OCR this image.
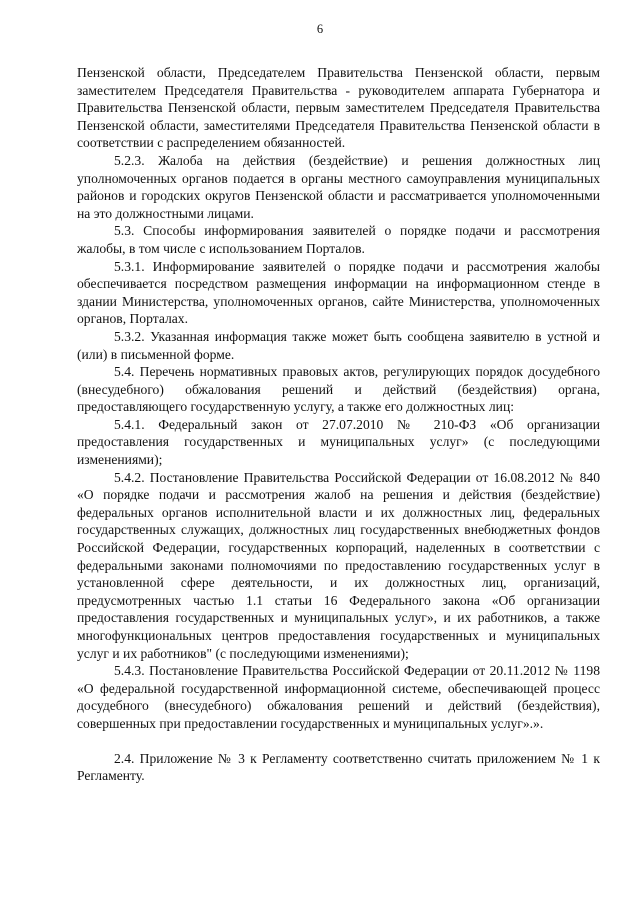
6

Пензенской области, Председателем Правительства Пензенской области, первым заместителем Председателя Правительства - руководителем аппарата Губернатора и Правительства Пензенской области, первым заместителем Председателя Правительства Пензенской области, заместителями Председателя Правительства Пензенской области в соответствии с распределением обязанностей.

5.2.3. Жалоба на действия (бездействие) и решения должностных лиц уполномоченных органов подается в органы местного самоуправления муниципальных районов и городских округов Пензенской области и рассматривается уполномоченными на это должностными лицами.

5.3. Способы информирования заявителей о порядке подачи и рассмотрения жалобы, в том числе с использованием Порталов.

5.3.1. Информирование заявителей о порядке подачи и рассмотрения жалобы обеспечивается посредством размещения информации на информационном стенде в здании Министерства, уполномоченных органов, сайте Министерства, уполномоченных органов, Порталах.

5.3.2. Указанная информация также может быть сообщена заявителю в устной и (или) в письменной форме.

5.4. Перечень нормативных правовых актов, регулирующих порядок досудебного (внесудебного) обжалования решений и действий (бездействия) органа, предоставляющего государственную услугу, а также его должностных лиц:

5.4.1. Федеральный закон от 27.07.2010 № 210-ФЗ «Об организации предоставления государственных и муниципальных услуг» (с последующими изменениями);

5.4.2. Постановление Правительства Российской Федерации от 16.08.2012 № 840 «О порядке подачи и рассмотрения жалоб на решения и действия (бездействие) федеральных органов исполнительной власти и их должностных лиц, федеральных государственных служащих, должностных лиц государственных внебюджетных фондов Российской Федерации, государственных корпораций, наделенных в соответствии с федеральными законами полномочиями по предоставлению государственных услуг в установленной сфере деятельности, и их должностных лиц, организаций, предусмотренных частью 1.1 статьи 16 Федерального закона «Об организации предоставления государственных и муниципальных услуг», и их работников, а также многофункциональных центров предоставления государственных и муниципальных услуг и их работников" (с последующими изменениями);

5.4.3. Постановление Правительства Российской Федерации от 20.11.2012 № 1198 «О федеральной государственной информационной системе, обеспечивающей процесс досудебного (внесудебного) обжалования решений и действий (бездействия), совершенных при предоставлении государственных и муниципальных услуг».».

2.4. Приложение № 3 к Регламенту соответственно считать приложением № 1 к Регламенту.
